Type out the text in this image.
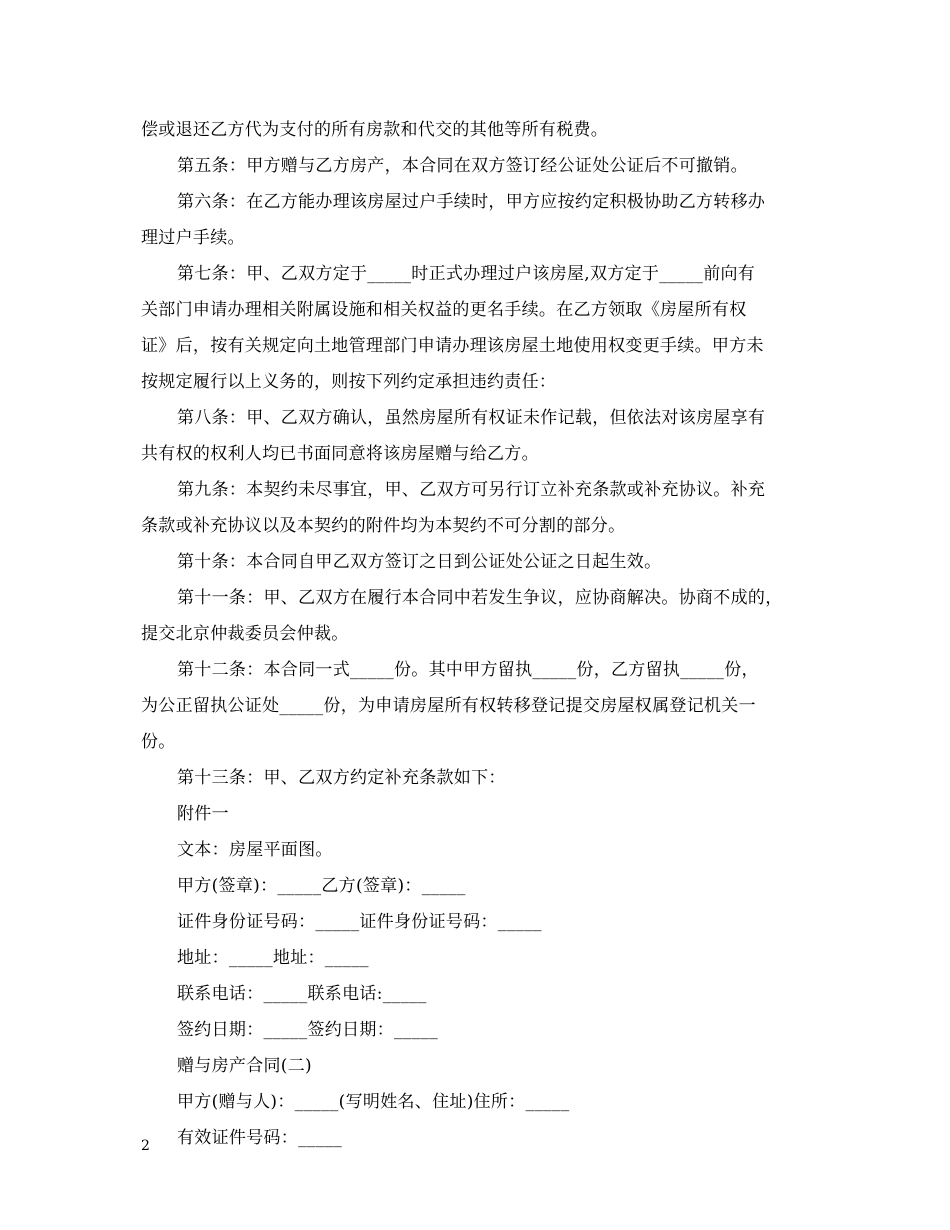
偿或退还乙方代为支付的所有房款和代交的其他等所有税费。
第五条：甲方赠与乙方房产，本合同在双方签订经公证处公证后不可撤销。
第六条：在乙方能办理该房屋过户手续时，甲方应按约定积极协助乙方转移办
理过户手续。
第七条：甲、乙双方定于_____时正式办理过户该房屋,双方定于_____前向有
关部门申请办理相关附属设施和相关权益的更名手续。在乙方领取《房屋所有权
证》后，按有关规定向土地管理部门申请办理该房屋土地使用权变更手续。甲方未
按规定履行以上义务的，则按下列约定承担违约责任：
第八条：甲、乙双方确认，虽然房屋所有权证未作记载，但依法对该房屋享有
共有权的权利人均已书面同意将该房屋赠与给乙方。
第九条：本契约未尽事宜，甲、乙双方可另行订立补充条款或补充协议。补充
条款或补充协议以及本契约的附件均为本契约不可分割的部分。
第十条：本合同自甲乙双方签订之日到公证处公证之日起生效。
第十一条：甲、乙双方在履行本合同中若发生争议，应协商解决。协商不成的，
提交北京仲裁委员会仲裁。
第十二条：本合同一式_____份。其中甲方留执_____份，乙方留执_____份，
为公正留执公证处_____份，为申请房屋所有权转移登记提交房屋权属登记机关一
份。
第十三条：甲、乙双方约定补充条款如下：
附件一
文本：房屋平面图。
甲方(签章)：_____乙方(签章)：_____
证件身份证号码：_____证件身份证号码：_____
地址：_____地址：_____
联系电话：_____联系电话:_____
签约日期：_____签约日期：_____
赠与房产合同(二)
甲方(赠与人)：_____(写明姓名、住址)住所：_____
有效证件号码：_____
2
